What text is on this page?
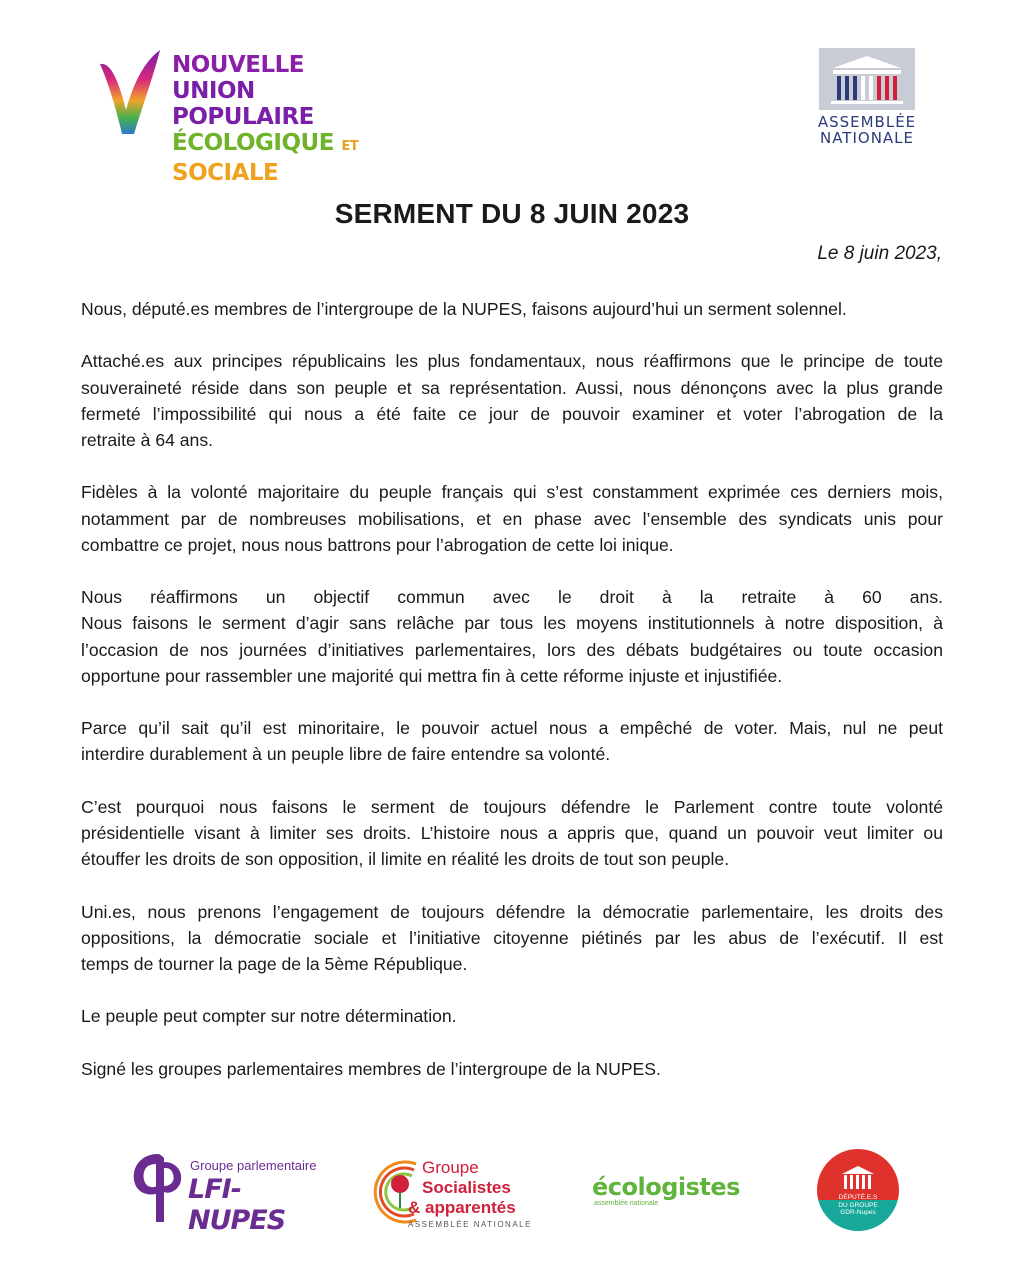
NOUVELLE
UNION POPULAIRE
ÉCOLOGIQUE ET SOCIALE
ASSEMBLÉE
NATIONALE
SERMENT DU 8 JUIN 2023
Le 8 juin 2023,

Nous, député.es membres de l’intergroupe de la NUPES, faisons aujourd’hui un serment solennel.

Attaché.es aux principes républicains les plus fondamentaux, nous réaffirmons que le principe de toute
souveraineté réside dans son peuple et sa représentation. Aussi, nous dénonçons avec la plus grande
fermeté l’impossibilité qui nous a été faite ce jour de pouvoir examiner et voter l’abrogation de la
retraite à 64 ans.

Fidèles à la volonté majoritaire du peuple français qui s’est constamment exprimée ces derniers mois,
notamment par de nombreuses mobilisations, et en phase avec l’ensemble des syndicats unis pour
combattre ce projet, nous nous battrons pour l’abrogation de cette loi inique.

Nous réaffirmons un objectif commun avec le droit à la retraite à 60 ans.
Nous faisons le serment d’agir sans relâche par tous les moyens institutionnels à notre disposition, à
l’occasion de nos journées d’initiatives parlementaires, lors des débats budgétaires ou toute occasion
opportune pour rassembler une majorité qui mettra fin à cette réforme injuste et injustifiée.

Parce qu’il sait qu’il est minoritaire, le pouvoir actuel nous a empêché de voter. Mais, nul ne peut
interdire durablement à un peuple libre de faire entendre sa volonté.

C’est pourquoi nous faisons le serment de toujours défendre le Parlement contre toute volonté
présidentielle visant à limiter ses droits. L’histoire nous a appris que, quand un pouvoir veut limiter ou
étouffer les droits de son opposition, il limite en réalité les droits de tout son peuple.

Uni.es, nous prenons l’engagement de toujours défendre la démocratie parlementaire, les droits des
oppositions, la démocratie sociale et l’initiative citoyenne piétinés par les abus de l’exécutif. Il est
temps de tourner la page de la 5ème République.

Le peuple peut compter sur notre détermination.

Signé les groupes parlementaires membres de l’intergroupe de la NUPES.

Groupe parlementaire
LFI-NUPES
Groupe
Socialistes
& apparentés
ASSEMBLÉE NATIONALE
écologistes
assemblée nationale
DÉPUTÉ.E.S
DU GROUPE
GDR-Nupes
